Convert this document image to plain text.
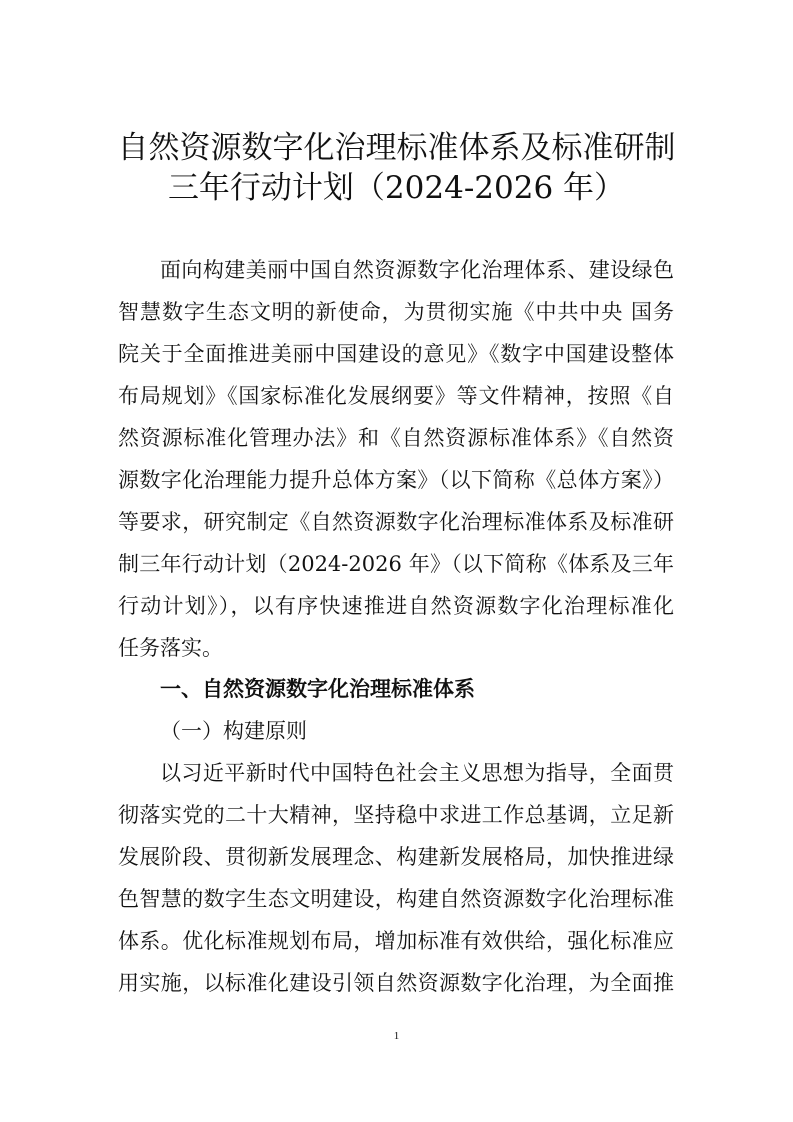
自然资源数字化治理标准体系及标准研制
三年行动计划（2024-2026 年）
面向构建美丽中国自然资源数字化治理体系、建设绿色
智慧数字生态文明的新使命，为贯彻实施《中共中央 国务
院关于全面推进美丽中国建设的意见》《数字中国建设整体
布局规划》《国家标准化发展纲要》等文件精神，按照《自
然资源标准化管理办法》和《自然资源标准体系》《自然资
源数字化治理能力提升总体方案》（以下简称《总体方案》）
等要求，研究制定《自然资源数字化治理标准体系及标准研
制三年行动计划（2024-2026 年》（以下简称《体系及三年
行动计划》），以有序快速推进自然资源数字化治理标准化
任务落实。
一、自然资源数字化治理标准体系
（一）构建原则
以习近平新时代中国特色社会主义思想为指导，全面贯
彻落实党的二十大精神，坚持稳中求进工作总基调，立足新
发展阶段、贯彻新发展理念、构建新发展格局，加快推进绿
色智慧的数字生态文明建设，构建自然资源数字化治理标准
体系。优化标准规划布局，增加标准有效供给，强化标准应
用实施，以标准化建设引领自然资源数字化治理，为全面推
1
